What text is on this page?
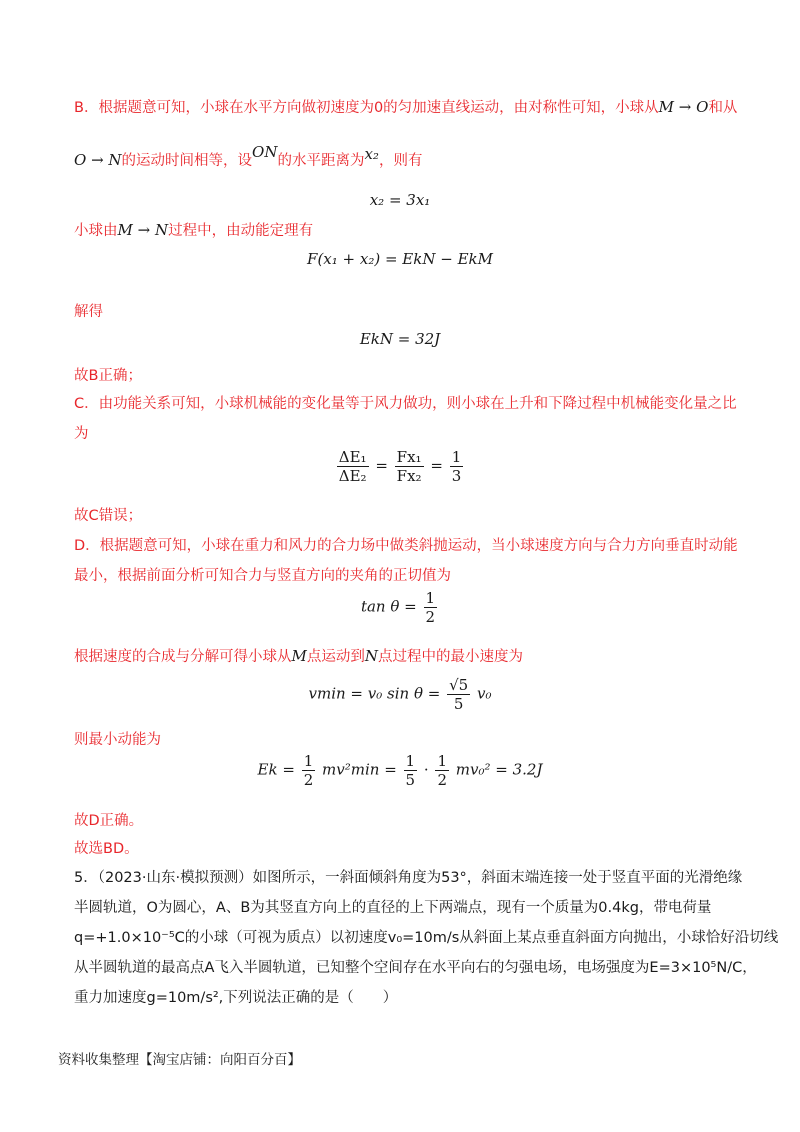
B．根据题意可知，小球在水平方向做初速度为0的匀加速直线运动，由对称性可知，小球从M → O和从
O → N的运动时间相等，设ON的水平距离为x₂，则有
x₂ = 3x₁
小球由M → N过程中，由动能定理有
F(x₁ + x₂) = EkN − EkM
解得
EkN = 32J
故B正确；
C．由功能关系可知，小球机械能的变化量等于风力做功，则小球在上升和下降过程中机械能变化量之比
为
$\frac{\text{ΔE₁}}{\text{ΔE₂}} = \frac{\text{Fx₁}}{\text{Fx₂}} = \frac{1}{3}$
故C错误；
D．根据题意可知，小球在重力和风力的合力场中做类斜抛运动，当小球速度方向与合力方向垂直时动能
最小，根据前面分析可知合力与竖直方向的夹角的正切值为
$\tan \theta = \frac{1}{2}$
根据速度的合成与分解可得小球从M点运动到N点过程中的最小速度为
vmin = v₀ $\sin \theta = \frac{√5}{5} v_0$
则最小动能为
$Ek = \frac{1}{2} mv^2\min = \frac{1}{5} \cdot \frac{1}{2} mv_0^2 = 3.2J$
故D正确。
故选BD。
5．（2023·山东·模拟预测）如图所示，一斜面倾斜角度为53°，斜面末端连接一处于竖直平面的光滑绝缘
半圆轨道，O为圆心，A、B为其竖直方向上的直径的上下两端点，现有一个质量为0.4kg，带电荷量
q=+1.0×10⁻⁵C的小球（可视为质点）以初速度v₀=10m/s从斜面上某点垂直斜面方向抛出，小球恰好沿切线
从半圆轨道的最高点A飞入半圆轨道，已知整个空间存在水平向右的匀强电场，电场强度为E=3×10⁵N/C，
重力加速度g=10m/s²,下列说法正确的是（　　）
资料收集整理【淘宝店铺：向阳百分百】
